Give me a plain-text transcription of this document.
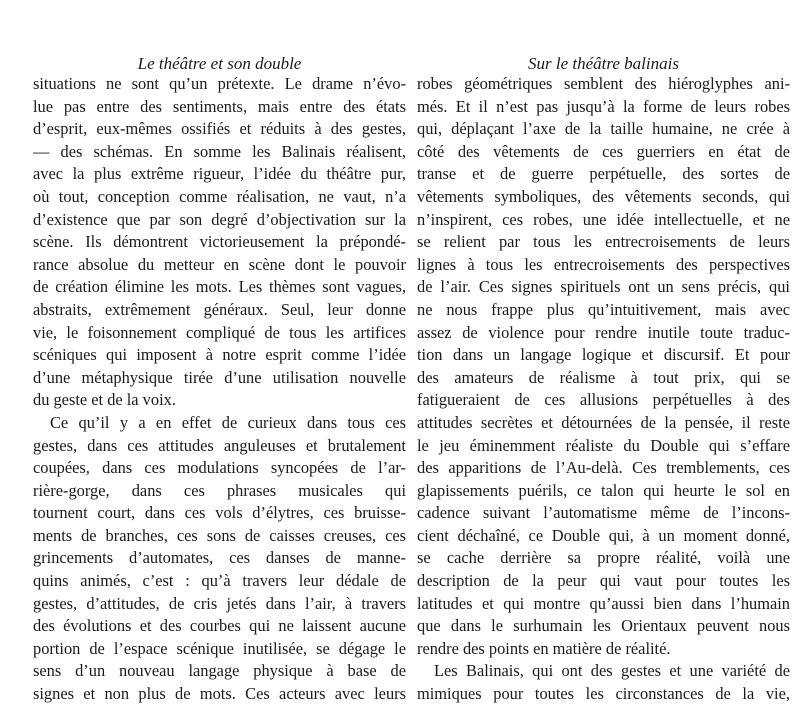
Le théâtre et son double
situations ne sont qu’un prétexte. Le drame n’évo-
lue pas entre des sentiments, mais entre des états
d’esprit, eux-mêmes ossifiés et réduits à des gestes,
— des schémas. En somme les Balinais réalisent,
avec la plus extrême rigueur, l’idée du théâtre pur,
où tout, conception comme réalisation, ne vaut, n’a
d’existence que par son degré d’objectivation sur la
scène. Ils démontrent victorieusement la prépondé-
rance absolue du metteur en scène dont le pouvoir
de création élimine les mots. Les thèmes sont vagues,
abstraits, extrêmement généraux. Seul, leur donne
vie, le foisonnement compliqué de tous les artifices
scéniques qui imposent à notre esprit comme l’idée
d’une métaphysique tirée d’une utilisation nouvelle
du geste et de la voix.
Ce qu’il y a en effet de curieux dans tous ces
gestes, dans ces attitudes anguleuses et brutalement
coupées, dans ces modulations syncopées de l’ar-
rière-gorge, dans ces phrases musicales qui
tournent court, dans ces vols d’élytres, ces bruisse-
ments de branches, ces sons de caisses creuses, ces
grincements d’automates, ces danses de manne-
quins animés, c’est : qu’à travers leur dédale de
gestes, d’attitudes, de cris jetés dans l’air, à travers
des évolutions et des courbes qui ne laissent aucune
portion de l’espace scénique inutilisée, se dégage le
sens d’un nouveau langage physique à base de
signes et non plus de mots. Ces acteurs avec leurs
Sur le théâtre balinais
robes géométriques semblent des hiéroglyphes ani-
més. Et il n’est pas jusqu’à la forme de leurs robes
qui, déplaçant l’axe de la taille humaine, ne crée à
côté des vêtements de ces guerriers en état de
transe et de guerre perpétuelle, des sortes de
vêtements symboliques, des vêtements seconds, qui
n’inspirent, ces robes, une idée intellectuelle, et ne
se relient par tous les entrecroisements de leurs
lignes à tous les entrecroisements des perspectives
de l’air. Ces signes spirituels ont un sens précis, qui
ne nous frappe plus qu’intuitivement, mais avec
assez de violence pour rendre inutile toute traduc-
tion dans un langage logique et discursif. Et pour
des amateurs de réalisme à tout prix, qui se
fatigueraient de ces allusions perpétuelles à des
attitudes secrètes et détournées de la pensée, il reste
le jeu éminemment réaliste du Double qui s’effare
des apparitions de l’Au-delà. Ces tremblements, ces
glapissements puérils, ce talon qui heurte le sol en
cadence suivant l’automatisme même de l’incons-
cient déchaîné, ce Double qui, à un moment donné,
se cache derrière sa propre réalité, voilà une
description de la peur qui vaut pour toutes les
latitudes et qui montre qu’aussi bien dans l’humain
que dans le surhumain les Orientaux peuvent nous
rendre des points en matière de réalité.
Les Balinais, qui ont des gestes et une variété de
mimiques pour toutes les circonstances de la vie,
